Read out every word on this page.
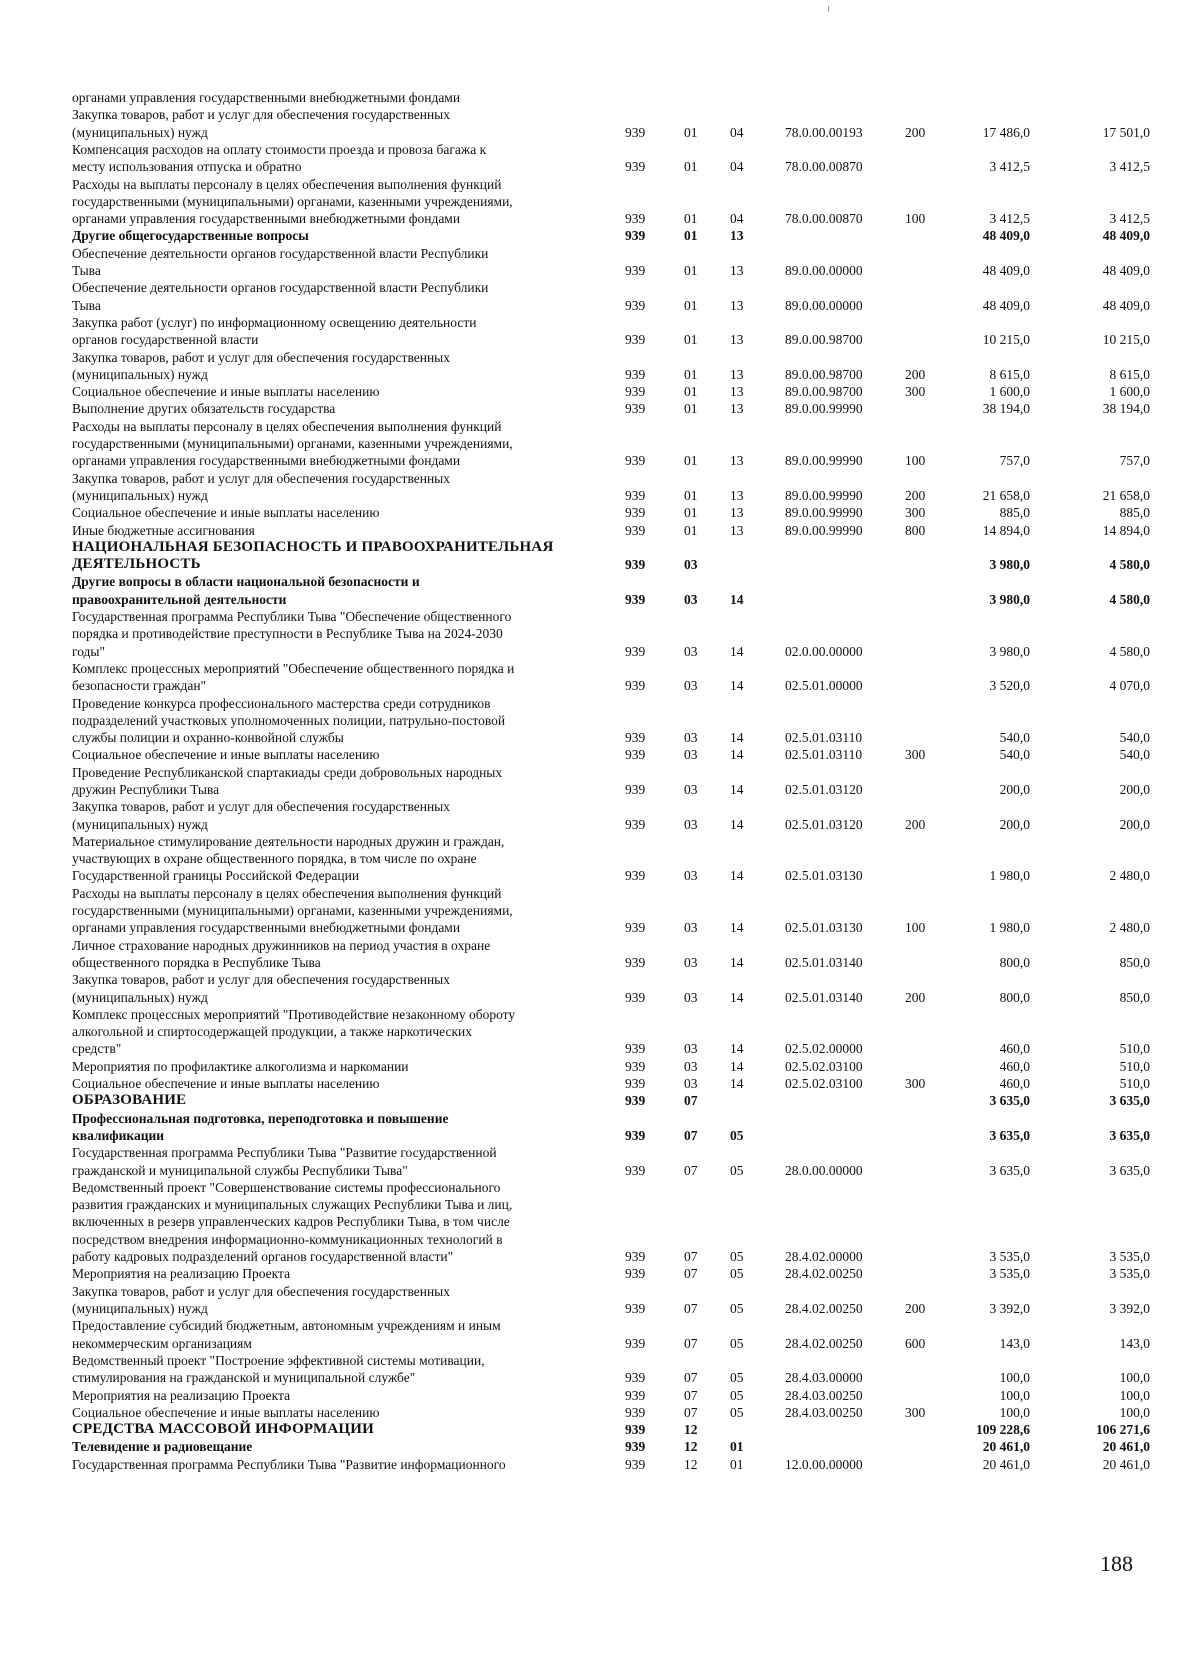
органами управления государственными внебюджетными фондами
Закупка товаров, работ и услуг для обеспечения государственных
(муниципальных) нужд	939	01 04	78.0.00.00193	200	17 486,0	17 501,0
Компенсация расходов на оплату стоимости проезда и провоза багажа к
месту использования отпуска и обратно	939	01 04	78.0.00.00870	3 412,5	3 412,5
Расходы на выплаты персоналу в целях обеспечения выполнения функций
государственными (муниципальными) органами, казенными учреждениями,
органами управления государственными внебюджетными фондами	939	01 04	78.0.00.00870	100	3 412,5	3 412,5
Другие общегосударственные вопросы	939	01 13	48 409,0	48 409,0
Обеспечение деятельности органов государственной власти Республики
Тыва	939	01 13	89.0.00.00000	48 409,0	48 409,0
Обеспечение деятельности органов государственной власти Республики
Тыва	939	01 13	89.0.00.00000	48 409,0	48 409,0
Закупка работ (услуг) по информационному освещению деятельности
органов государственной власти	939	01 13	89.0.00.98700	10 215,0	10 215,0
Закупка товаров, работ и услуг для обеспечения государственных
(муниципальных) нужд	939	01 13	89.0.00.98700	200	8 615,0	8 615,0
Социальное обеспечение и иные выплаты населению	939	01 13	89.0.00.98700	300	1 600,0	1 600,0
Выполнение других обязательств государства	939	01 13	89.0.00.99990	38 194,0	38 194,0
Расходы на выплаты персоналу в целях обеспечения выполнения функций
государственными (муниципальными) органами, казенными учреждениями,
органами управления государственными внебюджетными фондами	939	01 13	89.0.00.99990	100	757,0	757,0
Закупка товаров, работ и услуг для обеспечения государственных
(муниципальных) нужд	939	01 13	89.0.00.99990	200	21 658,0	21 658,0
Социальное обеспечение и иные выплаты населению	939	01 13	89.0.00.99990	300	885,0	885,0
Иные бюджетные ассигнования	939	01 13	89.0.00.99990	800	14 894,0	14 894,0
НАЦИОНАЛЬНАЯ БЕЗОПАСНОСТЬ И ПРАВООХРАНИТЕЛЬНАЯ
ДЕЯТЕЛЬНОСТЬ	939	03	3 980,0	4 580,0
Другие вопросы в области национальной безопасности и
правоохранительной деятельности	939	03 14	3 980,0	4 580,0
Государственная программа Республики Тыва "Обеспечение общественного
порядка и противодействие преступности в Республике Тыва на 2024-2030
годы"	939	03 14	02.0.00.00000	3 980,0	4 580,0
Комплекс процессных мероприятий "Обеспечение общественного порядка и
безопасности граждан"	939	03 14	02.5.01.00000	3 520,0	4 070,0
Проведение конкурса профессионального мастерства среди сотрудников
подразделений участковых уполномоченных полиции, патрульно-постовой
службы полиции и охранно-конвойной службы	939	03 14	02.5.01.03110	540,0	540,0
Социальное обеспечение и иные выплаты населению	939	03 14	02.5.01.03110	300	540,0	540,0
Проведение Республиканской спартакиады среди добровольных народных
дружин Республики Тыва	939	03 14	02.5.01.03120	200,0	200,0
Закупка товаров, работ и услуг для обеспечения государственных
(муниципальных) нужд	939	03 14	02.5.01.03120	200	200,0	200,0
Материальное стимулирование деятельности народных дружин и граждан,
участвующих в охране общественного порядка, в том числе по охране
Государственной границы Российской Федерации	939	03 14	02.5.01.03130	1 980,0	2 480,0
Расходы на выплаты персоналу в целях обеспечения выполнения функций
государственными (муниципальными) органами, казенными учреждениями,
органами управления государственными внебюджетными фондами	939	03 14	02.5.01.03130	100	1 980,0	2 480,0
Личное страхование народных дружинников на период участия в охране
общественного порядка в Республике Тыва	939	03 14	02.5.01.03140	800,0	850,0
Закупка товаров, работ и услуг для обеспечения государственных
(муниципальных) нужд	939	03 14	02.5.01.03140	200	800,0	850,0
Комплекс процессных мероприятий "Противодействие незаконному обороту
алкогольной и спиртосодержащей продукции, а также наркотических
средств"	939	03 14	02.5.02.00000	460,0	510,0
Мероприятия по профилактике алкоголизма и наркомании	939	03 14	02.5.02.03100	460,0	510,0
Социальное обеспечение и иные выплаты населению	939	03 14	02.5.02.03100	300	460,0	510,0
ОБРАЗОВАНИЕ	939	07	3 635,0	3 635,0
Профессиональная подготовка, переподготовка и повышение
квалификации	939	07 05	3 635,0	3 635,0
Государственная программа Республики Тыва "Развитие государственной
гражданской и муниципальной службы Республики Тыва"	939	07 05	28.0.00.00000	3 635,0	3 635,0
Ведомственный проект "Совершенствование системы профессионального
развития гражданских и муниципальных служащих Республики Тыва и лиц,
включенных в резерв управленческих кадров Республики Тыва, в том числе
посредством внедрения информационно-коммуникационных технологий в
работу кадровых подразделений органов государственной власти"	939	07 05	28.4.02.00000	3 535,0	3 535,0
Мероприятия на реализацию Проекта	939	07 05	28.4.02.00250	3 535,0	3 535,0
Закупка товаров, работ и услуг для обеспечения государственных
(муниципальных) нужд	939	07 05	28.4.02.00250	200	3 392,0	3 392,0
Предоставление субсидий бюджетным, автономным учреждениям и иным
некоммерческим организациям	939	07 05	28.4.02.00250	600	143,0	143,0
Ведомственный проект "Построение эффективной системы мотивации,
стимулирования на гражданской и муниципальной службе"	939	07 05	28.4.03.00000	100,0	100,0
Мероприятия на реализацию Проекта	939	07 05	28.4.03.00250	100,0	100,0
Социальное обеспечение и иные выплаты населению	939	07 05	28.4.03.00250	300	100,0	100,0
СРЕДСТВА МАССОВОЙ ИНФОРМАЦИИ	939	12	109 228,6	106 271,6
Телевидение и радиовещание	939	12 01	20 461,0	20 461,0
Государственная программа Республики Тыва "Развитие информационного	939	12 01	12.0.00.00000	20 461,0	20 461,0
188
